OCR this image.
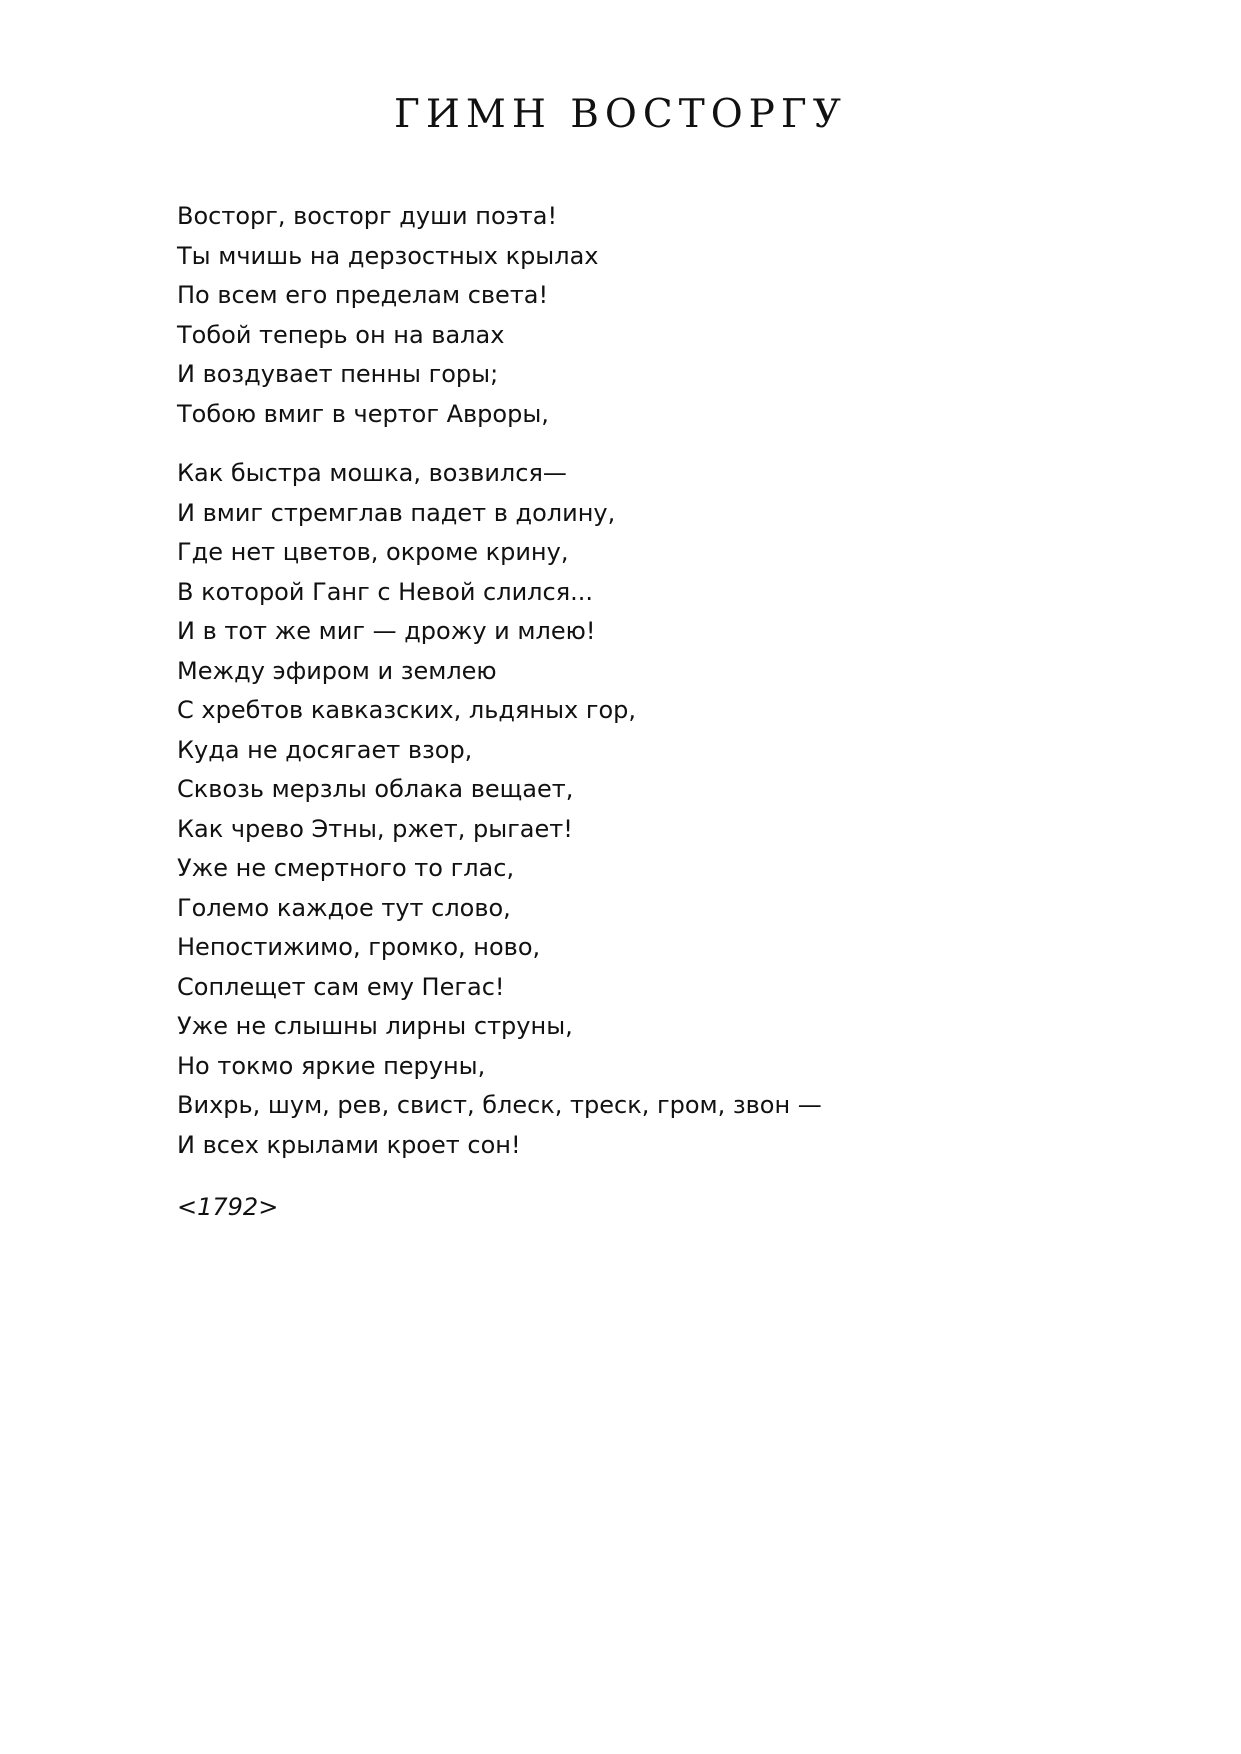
ГИМН ВОСТОРГУ
Восторг, восторг души поэта!
Ты мчишь на дерзостных крылах
По всем его пределам света!
Тобой теперь он на валах
И воздувает пенны горы;
Тобою вмиг в чертог Авроры,
Как быстра мошка, возвился—
И вмиг стремглав падет в долину,
Где нет цветов, окроме крину,
В которой Ганг с Невой слился...
И в тот же миг — дрожу и млею!
Между эфиром и землею
С хребтов кавказских, льдяных гор,
Куда не досягает взор,
Сквозь мерзлы облака вещает,
Как чрево Этны, ржет, рыгает!
Уже не смертного то глас,
Големо каждое тут слово,
Непостижимо, громко, ново,
Соплещет сам ему Пегас!
Уже не слышны лирны струны,
Но токмо яркие перуны,
Вихрь, шум, рев, свист, блеск, треск, гром, звон —
И всех крылами кроет сон!
<1792>
